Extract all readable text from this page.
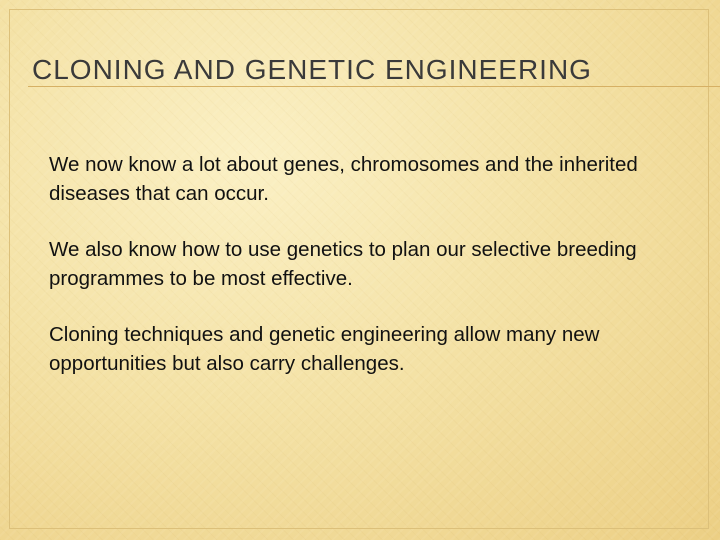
CLONING AND GENETIC ENGINEERING
We now know a lot about genes, chromosomes and the inherited diseases that can occur.
We also know how to use genetics to plan our selective breeding programmes to be most effective.
Cloning techniques and genetic engineering allow many new opportunities but also carry challenges.
